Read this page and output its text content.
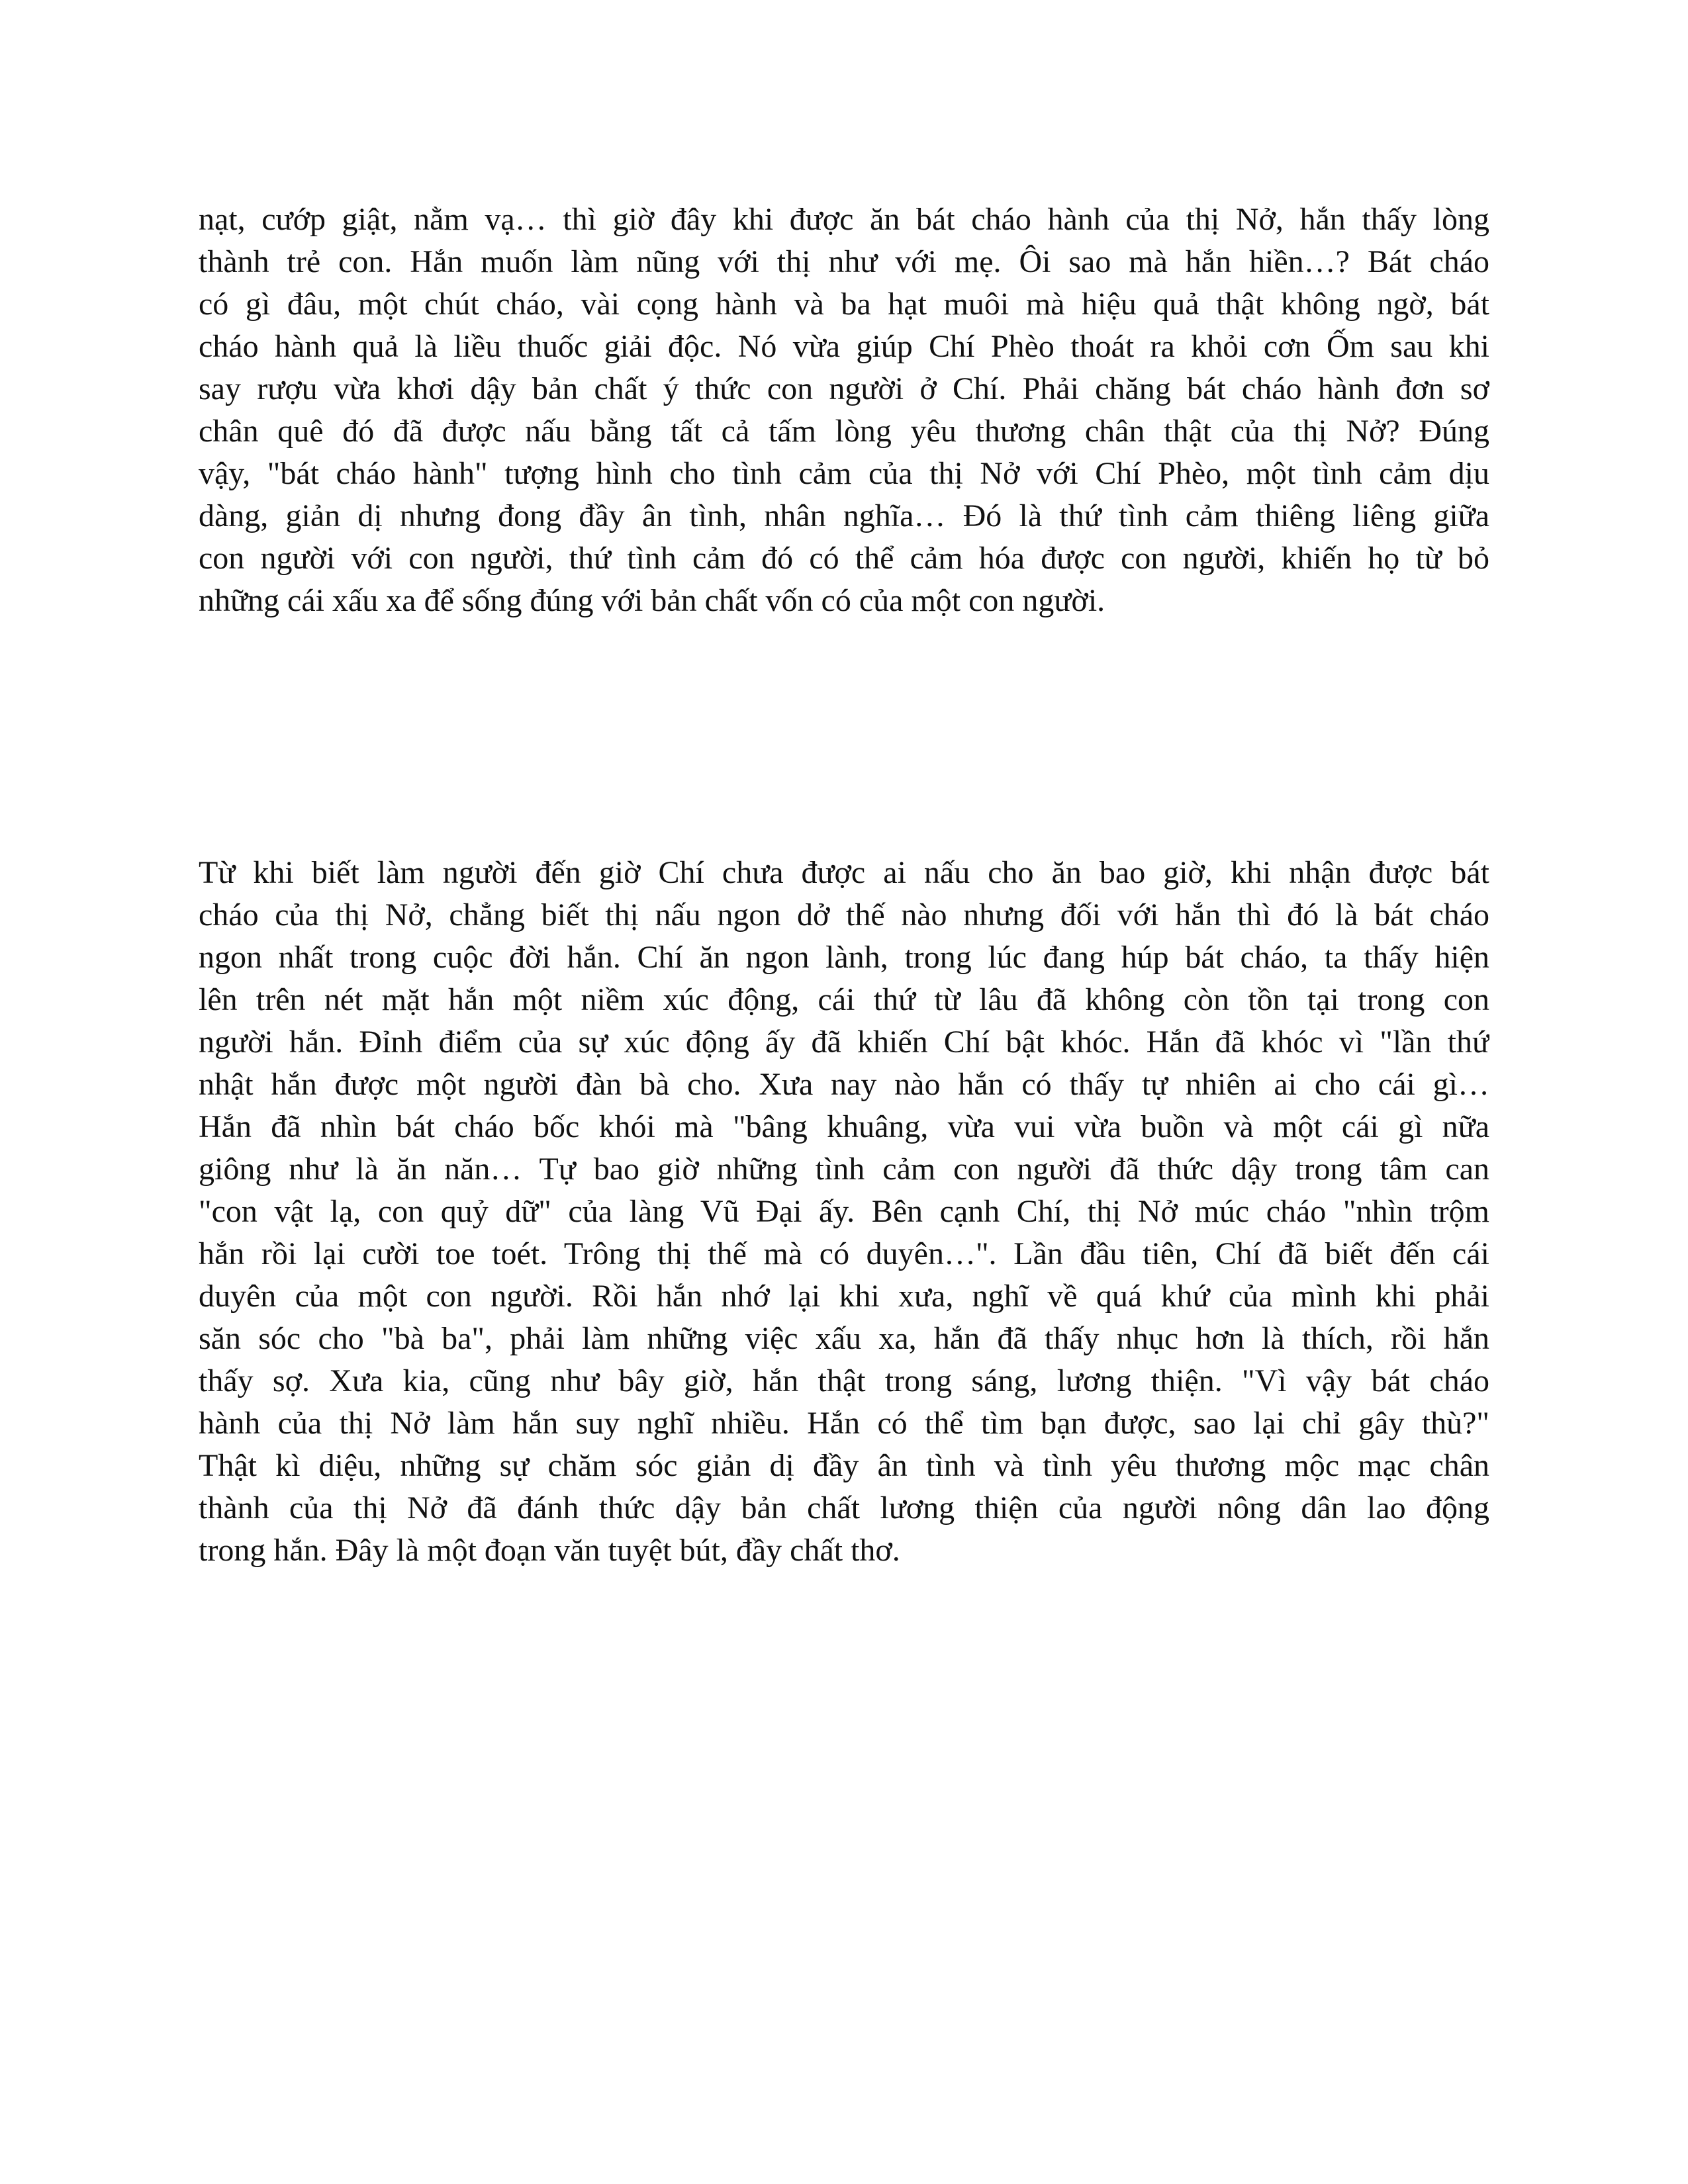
nạt, cướp giật, nằm vạ… thì giờ đây khi được ăn bát cháo hành của thị Nở, hắn thấy lòng
thành trẻ con. Hắn muốn làm nũng với thị như với mẹ. Ôi sao mà hắn hiền…? Bát cháo
có gì đâu, một chút cháo, vài cọng hành và ba hạt muôi mà hiệu quả thật không ngờ, bát
cháo hành quả là liều thuốc giải độc. Nó vừa giúp Chí Phèo thoát ra khỏi cơn Ốm sau khi
say rượu vừa khơi dậy bản chất ý thức con người ở Chí. Phải chăng bát cháo hành đơn sơ
chân quê đó đã được nấu bằng tất cả tấm lòng yêu thương chân thật của thị Nở? Đúng
vậy, "bát cháo hành" tượng hình cho tình cảm của thị Nở với Chí Phèo, một tình cảm dịu
dàng, giản dị nhưng đong đầy ân tình, nhân nghĩa… Đó là thứ tình cảm thiêng liêng giữa
con người với con người, thứ tình cảm đó có thể cảm hóa được con người, khiến họ từ bỏ
những cái xấu xa để sống đúng với bản chất vốn có của một con người.
Từ khi biết làm người đến giờ Chí chưa được ai nấu cho ăn bao giờ, khi nhận được bát
cháo của thị Nở, chẳng biết thị nấu ngon dở thế nào nhưng đối với hắn thì đó là bát cháo
ngon nhất trong cuộc đời hắn. Chí ăn ngon lành, trong lúc đang húp bát cháo, ta thấy hiện
lên trên nét mặt hắn một niềm xúc động, cái thứ từ lâu đã không còn tồn tại trong con
người hắn. Đỉnh điểm của sự xúc động ấy đã khiến Chí bật khóc. Hắn đã khóc vì "lần thứ
nhật hắn được một người đàn bà cho. Xưa nay nào hắn có thấy tự nhiên ai cho cái gì…
Hắn đã nhìn bát cháo bốc khói mà "bâng khuâng, vừa vui vừa buồn và một cái gì nữa
giông như là ăn năn… Tự bao giờ những tình cảm con người đã thức dậy trong tâm can
"con vật lạ, con quỷ dữ" của làng Vũ Đại ấy. Bên cạnh Chí, thị Nở múc cháo "nhìn trộm
hắn rồi lại cười toe toét. Trông thị thế mà có duyên…". Lần đầu tiên, Chí đã biết đến cái
duyên của một con người. Rồi hắn nhớ lại khi xưa, nghĩ về quá khứ của mình khi phải
săn sóc cho "bà ba", phải làm những việc xấu xa, hắn đã thấy nhục hơn là thích, rồi hắn
thấy sợ. Xưa kia, cũng như bây giờ, hắn thật trong sáng, lương thiện. "Vì vậy bát cháo
hành của thị Nở làm hắn suy nghĩ nhiều. Hắn có thể tìm bạn được, sao lại chỉ gây thù?"
Thật kì diệu, những sự chăm sóc giản dị đầy ân tình và tình yêu thương mộc mạc chân
thành của thị Nở đã đánh thức dậy bản chất lương thiện của người nông dân lao động
trong hắn. Đây là một đoạn văn tuyệt bút, đầy chất thơ.
